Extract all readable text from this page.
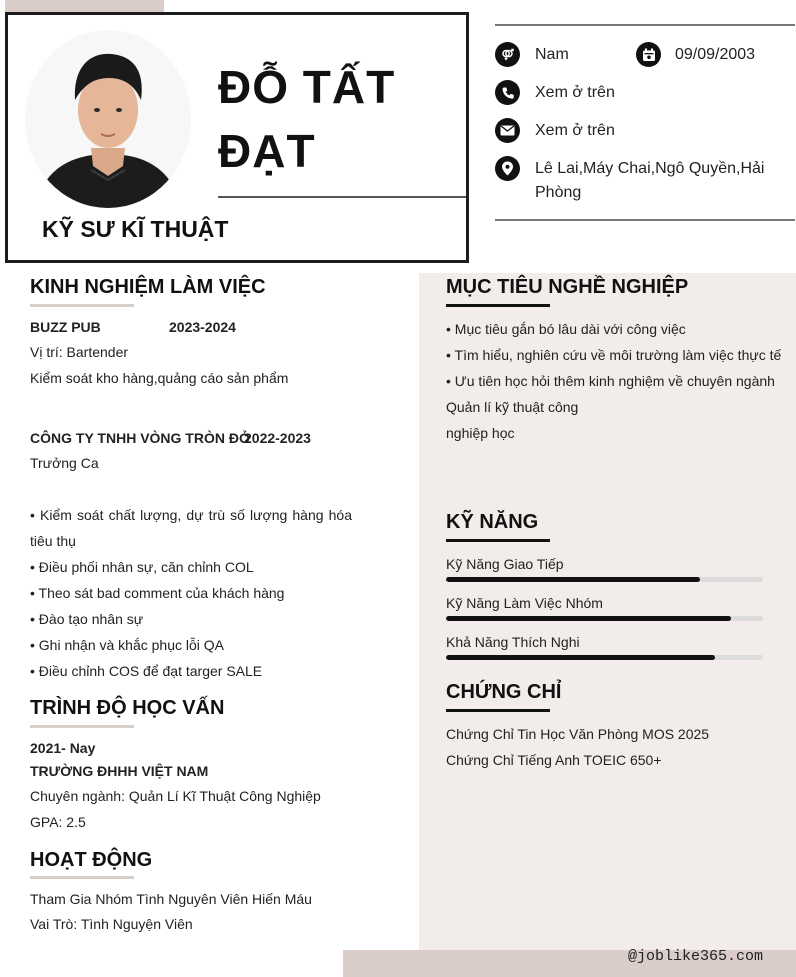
ĐỖ TẤT
ĐẠT
KỸ SƯ KĨ THUẬT
Nam	09/09/2003
Xem ở trên
Xem ở trên
Lê Lai,Máy Chai,Ngô Quyền,Hải
Phòng
KINH NGHIỆM LÀM VIỆC
BUZZ PUB	2023-2024
Vị trí: Bartender
Kiểm soát kho hàng,quảng cáo sản phẩm
CÔNG TY TNHH VÒNG TRÒN ĐỎ
2022-2023
Trưởng Ca
• Kiểm soát chất lượng, dự trù số lượng hàng hóa tiêu thụ
• Điều phối nhân sự, căn chỉnh COL
• Theo sát bad comment của khách hàng
• Đào tạo nhân sự
• Ghi nhận và khắc phục lỗi QA
• Điều chỉnh COS để đạt targer SALE
TRÌNH ĐỘ HỌC VẤN
2021- Nay
TRƯỜNG ĐHHH VIỆT NAM
Chuyên ngành: Quản Lí Kĩ Thuật Công Nghiệp
GPA: 2.5
HOẠT ĐỘNG
Tham Gia Nhóm Tình Nguyên Viên Hiến Máu
Vai Trò: Tình Nguyện Viên
MỤC TIÊU NGHỀ NGHIỆP
• Mục tiêu gắn bó lâu dài với công việc
• Tìm hiểu, nghiên cứu về môi trường làm việc thực tế
• Ưu tiên học hỏi thêm kinh nghiệm về chuyên ngành
Quản lí kỹ thuật công
nghiệp học
KỸ NĂNG
Kỹ Năng Giao Tiếp
Kỹ Năng Làm Việc Nhóm
Khả Năng Thích Nghi
CHỨNG CHỈ
Chứng Chỉ Tin Học Văn Phòng MOS 2025
Chứng Chỉ Tiếng Anh TOEIC 650+
@joblike365.com
